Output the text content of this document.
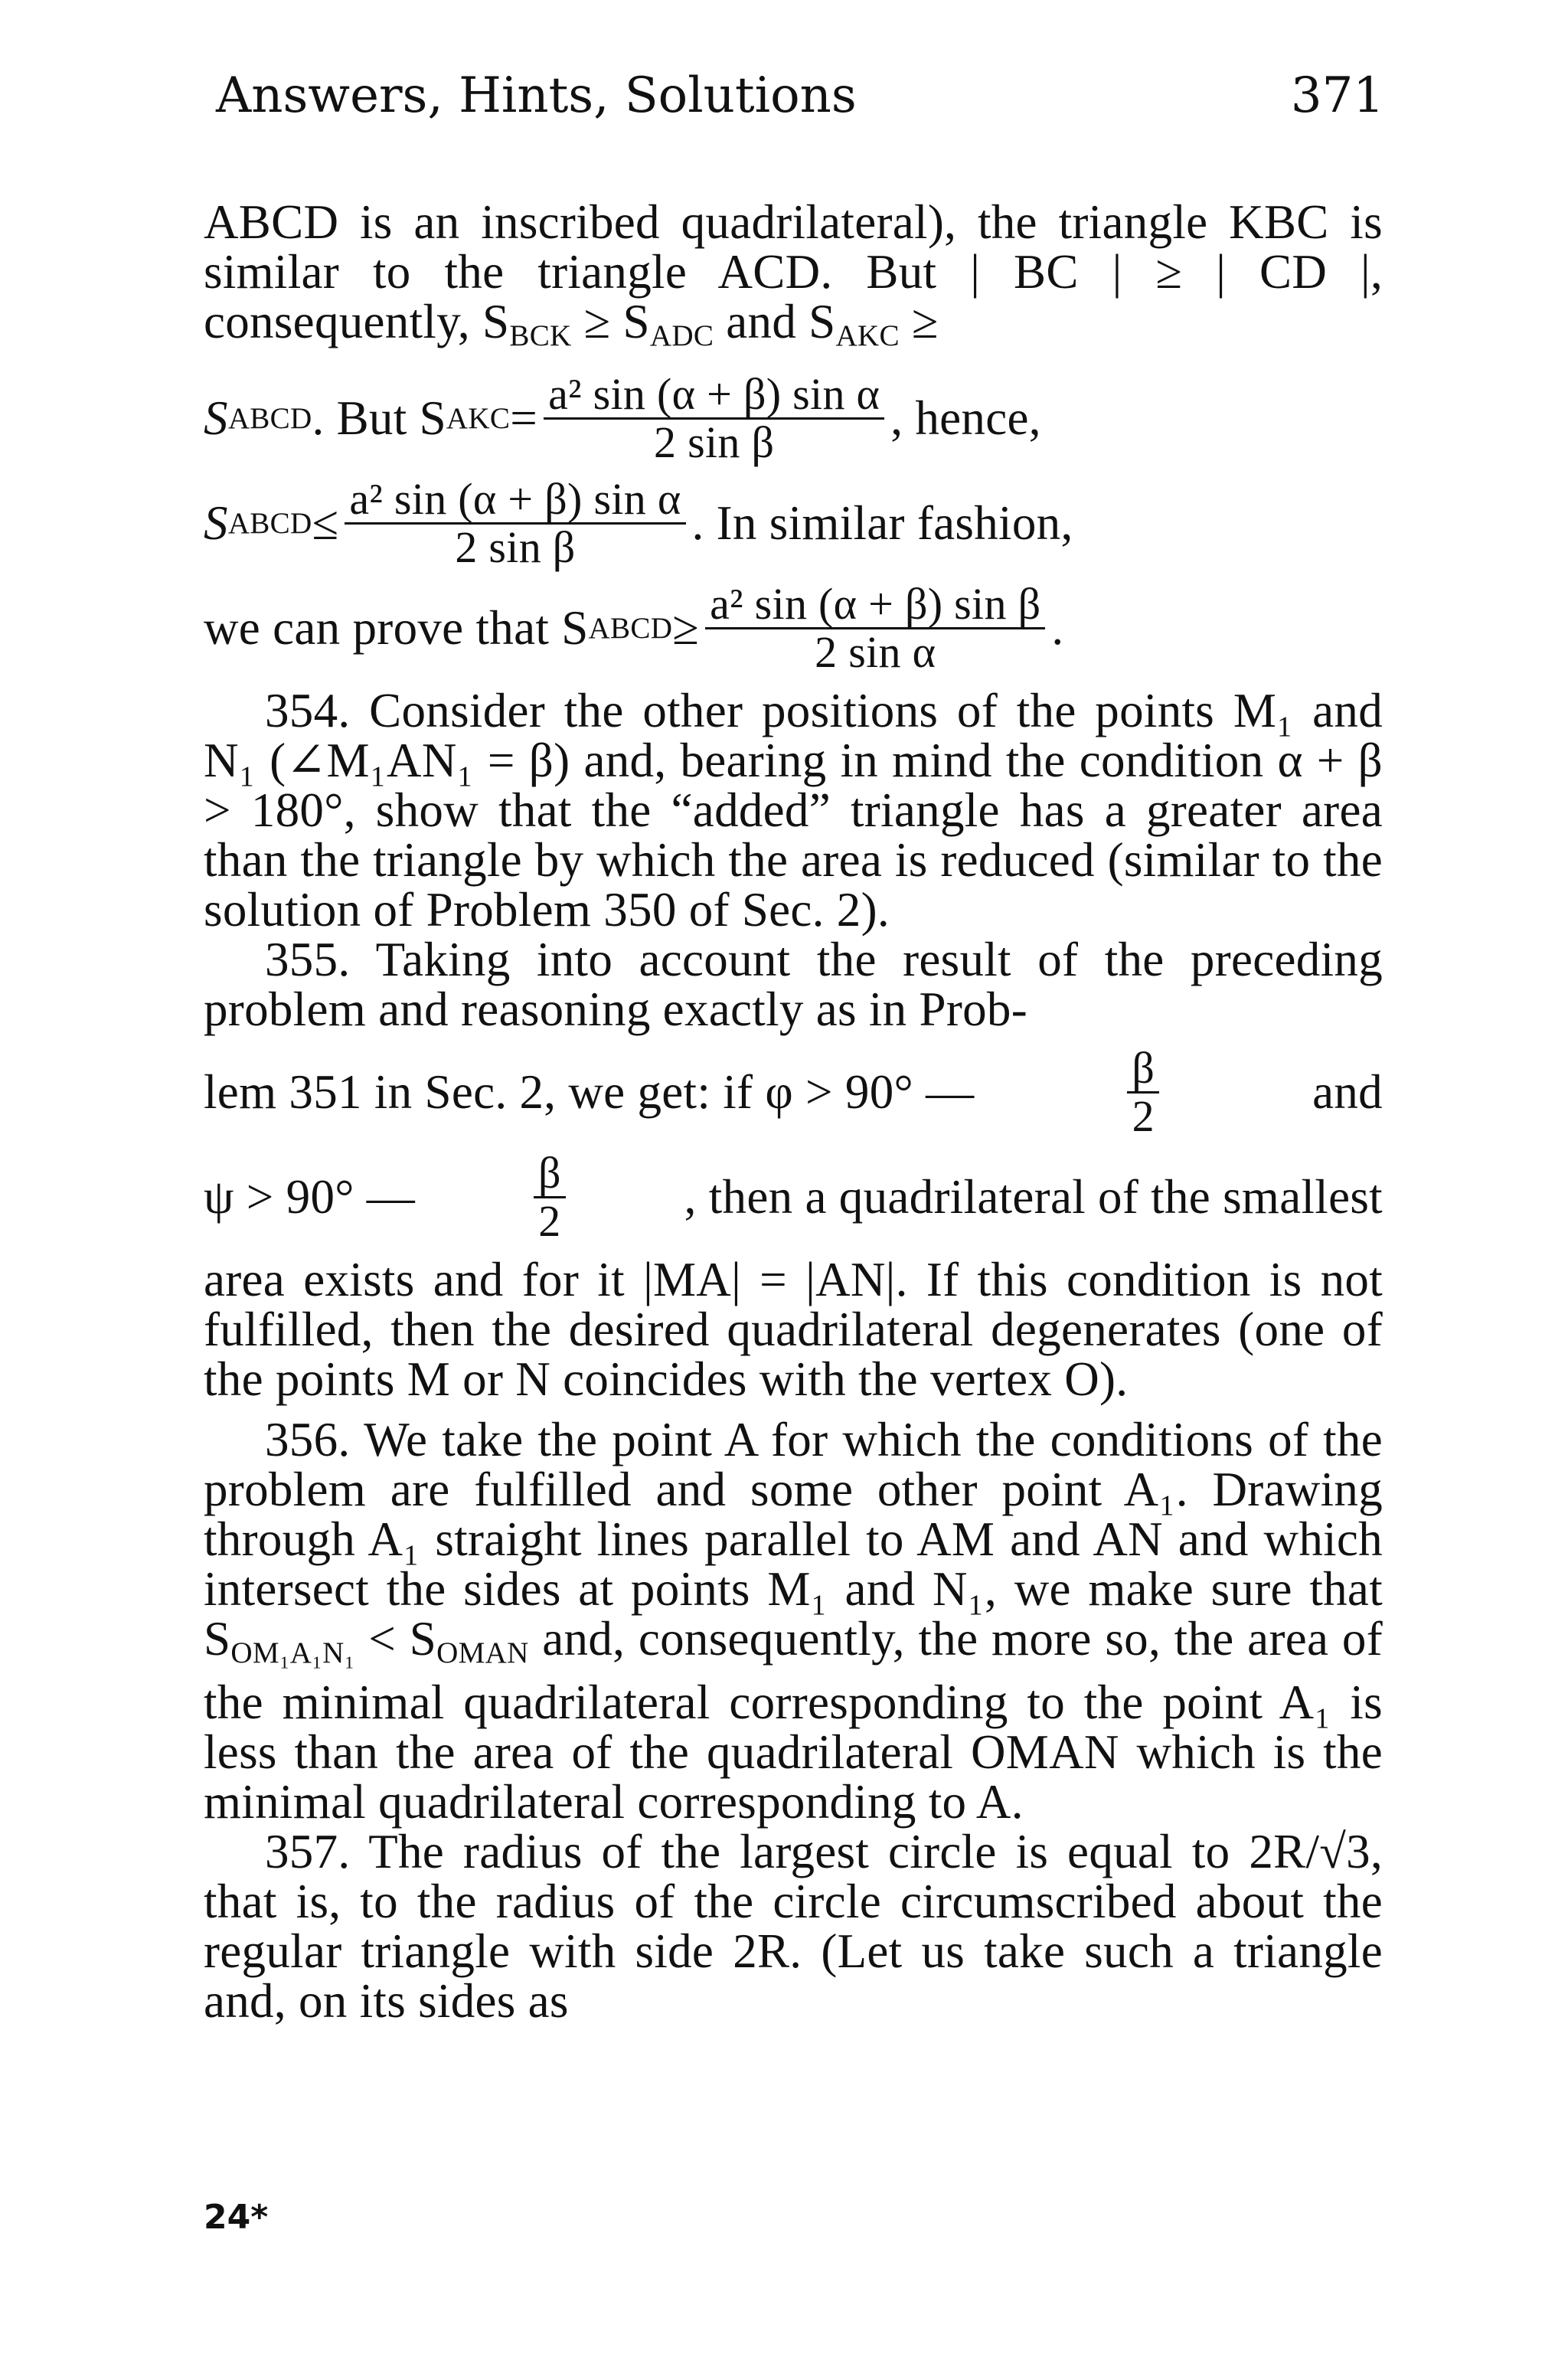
Answers, Hints, Solutions	371

ABCD is an inscribed quadrilateral), the triangle KBC is similar to the triangle ACD. But | BC | ≥ | CD |, consequently, $S_{BCK} \ge S_{ADC}$ and $S_{AKC}$ ≥

S ABCD . But S AKC = $\frac{\text{a² sin (α + β) sin α}}{\text{2 sin β}}$ , hence,
S ABCD ≤ $\frac{\text{a² sin (α + β) sin α}}{\text{2 sin β}}$ . In similar fashion,
we can prove that S ABCD ≥ $\frac{\text{a² sin (α + β) sin β}}{\text{2 sin α}}$ .

354. Consider the other positions of the points M₁ and N₁ (∠M₁AN₁ = β) and, bearing in mind the condition α + β > 180°, show that the “added” triangle has a greater area than the triangle by which the area is reduced (similar to the solution of Problem 350 of Sec. 2).

355. Taking into account the result of the preceding problem and reasoning exactly as in Prob-

lem 351 in Sec. 2, we get: if φ > 90° —	$\frac{\beta}{2}$	and
ψ > 90° —	$\frac{\beta}{2}$ , then a quadrilateral of the smallest

area exists and for it |MA| = |AN|. If this condition is not fulfilled, then the desired quadrilateral degenerates (one of the points M or N coincides with the vertex O).

356. We take the point A for which the conditions of the problem are fulfilled and some other point A₁. Drawing through A₁ straight lines parallel to AM and AN and which intersect the sides at points M₁ and N₁, we make sure that $S_{OM_1A_1N_1} < S_{OMAN}$ and, consequently, the more so, the area of the minimal quadrilateral corresponding to the point A₁ is less than the area of the quadrilateral OMAN which is the minimal quadrilateral corresponding to A.

357. The radius of the largest circle is equal to 2R/√3, that is, to the radius of the circle circumscribed about the regular triangle with side 2R. (Let us take such a triangle and, on its sides as

24*
